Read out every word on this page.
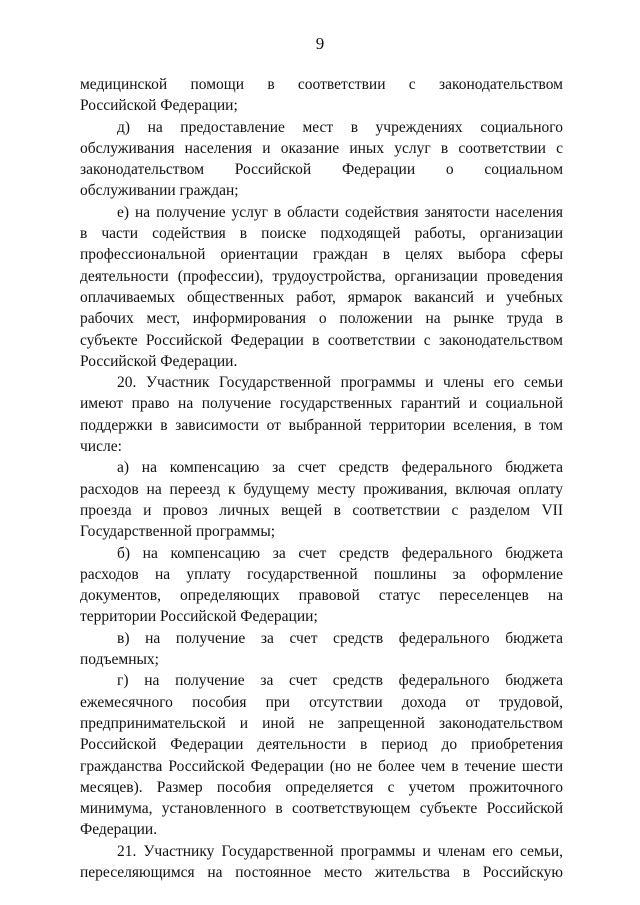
9
медицинской помощи в соответствии с законодательством
Российской Федерации;
д) на предоставление мест в учреждениях социального
обслуживания населения и оказание иных услуг в соответствии с
законодательством Российской Федерации о социальном
обслуживании граждан;
е) на получение услуг в области содействия занятости населения
в части содействия в поиске подходящей работы, организации
профессиональной ориентации граждан в целях выбора сферы
деятельности (профессии), трудоустройства, организации проведения
оплачиваемых общественных работ, ярмарок вакансий и учебных
рабочих мест, информирования о положении на рынке труда в
субъекте Российской Федерации в соответствии с законодательством
Российской Федерации.
20. Участник Государственной программы и члены его семьи
имеют право на получение государственных гарантий и социальной
поддержки в зависимости от выбранной территории вселения, в том
числе:
а) на компенсацию за счет средств федерального бюджета
расходов на переезд к будущему месту проживания, включая оплату
проезда и провоз личных вещей в соответствии с разделом VII
Государственной программы;
б) на компенсацию за счет средств федерального бюджета
расходов на уплату государственной пошлины за оформление
документов, определяющих правовой статус переселенцев на
территории Российской Федерации;
в) на получение за счет средств федерального бюджета
подъемных;
г) на получение за счет средств федерального бюджета
ежемесячного пособия при отсутствии дохода от трудовой,
предпринимательской и иной не запрещенной законодательством
Российской Федерации деятельности в период до приобретения
гражданства Российской Федерации (но не более чем в течение шести
месяцев). Размер пособия определяется с учетом прожиточного
минимума, установленного в соответствующем субъекте Российской
Федерации.
21. Участнику Государственной программы и членам его семьи,
переселяющимся на постоянное место жительства в Российскую
